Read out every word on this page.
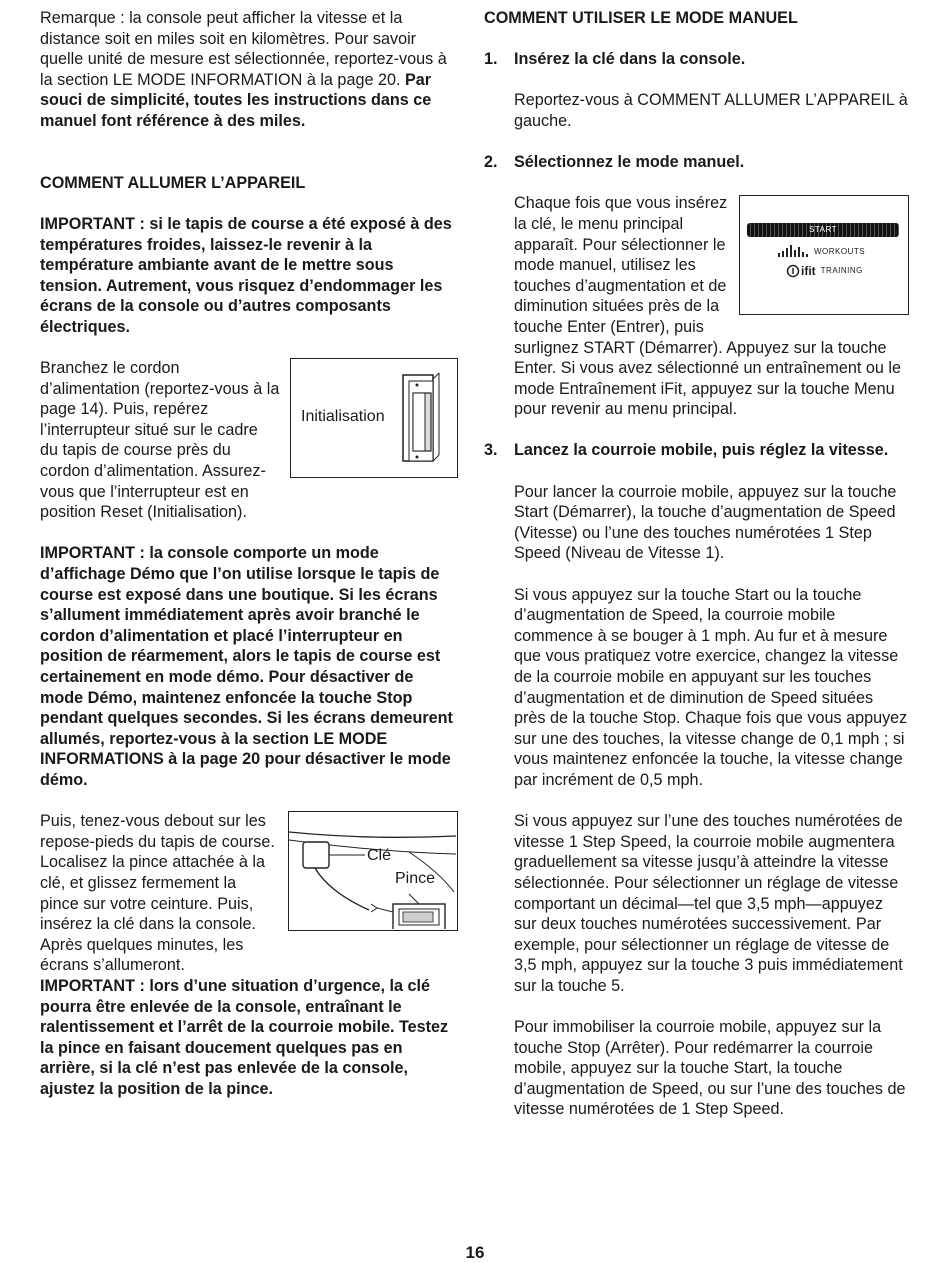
Remarque : la console peut afficher la vitesse et la distance soit en miles soit en kilomètres. Pour savoir quelle unité de mesure est sélectionnée, reportez-vous à la section LE MODE INFORMATION à la page 20. Par souci de simplicité, toutes les instructions dans ce manuel font référence à des miles.

COMMENT ALLUMER L’APPAREIL

IMPORTANT : si le tapis de course a été exposé à des températures froides, laissez-le revenir à la température ambiante avant de le mettre sous tension. Autrement, vous risquez d’endommager les écrans de la console ou d’autres composants électriques.

Initialisation

Branchez le cordon d’alimentation (reportez-vous à la page 14). Puis, repérez l’interrupteur situé sur le cadre du tapis de course près du cordon d’alimentation. Assurez-vous que l’interrupteur est en position Reset (Initialisation).

IMPORTANT : la console comporte un mode d’affichage Démo que l’on utilise lorsque le tapis de course est exposé dans une boutique. Si les écrans s’allument immédiatement après avoir branché le cordon d’alimentation et placé l’interrupteur en position de réarmement, alors le tapis de course est certainement en mode démo. Pour désactiver de mode Démo, maintenez enfoncée la touche Stop pendant quelques secondes. Si les écrans demeurent allumés, reportez-vous à la section LE MODE INFORMATIONS à la page 20 pour désactiver le mode démo.

Clé
Pince

Puis, tenez-vous debout sur les repose-pieds du tapis de course. Localisez la pince attachée à la clé, et glissez fermement la pince sur votre ceinture. Puis, insérez la clé dans la console. Après quelques minutes, les écrans s’allumeront.

IMPORTANT : lors d’une situation d’urgence, la clé pourra être enlevée de la console, entraînant le ralentissement et l’arrêt de la courroie mobile. Testez la pince en faisant doucement quelques pas en arrière, si la clé n’est pas enlevée de la console, ajustez la position de la pince.

COMMENT UTILISER LE MODE MANUEL
1.	Insérez la clé dans la console.

Reportez-vous à COMMENT ALLUMER L’APPAREIL à gauche.

2.	Sélectionnez le mode manuel.
START
WORKOUTS
ifit TRAINING

Chaque fois que vous insérez la clé, le menu principal apparaît. Pour sélectionner le mode manuel, utilisez les touches d’augmentation et de diminution situées près de la touche Enter (Entrer), puis surlignez START (Démarrer). Appuyez sur la touche Enter. Si vous avez sélectionné un entraînement ou le mode Entraînement iFit, appuyez sur la touche Menu pour revenir au menu principal.

3.	Lancez la courroie mobile, puis réglez la vitesse.

Pour lancer la courroie mobile, appuyez sur la touche Start (Démarrer), la touche d’augmentation de Speed (Vitesse) ou l’une des touches numérotées 1 Step Speed (Niveau de Vitesse 1).

Si vous appuyez sur la touche Start ou la touche d’augmentation de Speed, la courroie mobile commence à se bouger à 1 mph. Au fur et à mesure que vous pratiquez votre exercice, changez la vitesse de la courroie mobile en appuyant sur les touches d’augmentation et de diminution de Speed situées près de la touche Stop. Chaque fois que vous appuyez sur une des touches, la vitesse change de 0,1 mph ; si vous maintenez enfoncée la touche, la vitesse change par incrément de 0,5 mph.

Si vous appuyez sur l’une des touches numérotées de vitesse 1 Step Speed, la courroie mobile augmentera graduellement sa vitesse jusqu’à atteindre la vitesse sélectionnée. Pour sélectionner un réglage de vitesse comportant un décimal—tel que 3,5 mph—appuyez sur deux touches numérotées successivement. Par exemple, pour sélectionner un réglage de vitesse de 3,5 mph, appuyez sur la touche 3 puis immédiatement sur la touche 5.

Pour immobiliser la courroie mobile, appuyez sur la touche Stop (Arrêter). Pour redémarrer la courroie mobile, appuyez sur la touche Start, la touche d’augmentation de Speed, ou sur l’une des touches de vitesse numérotées de 1 Step Speed.

16
